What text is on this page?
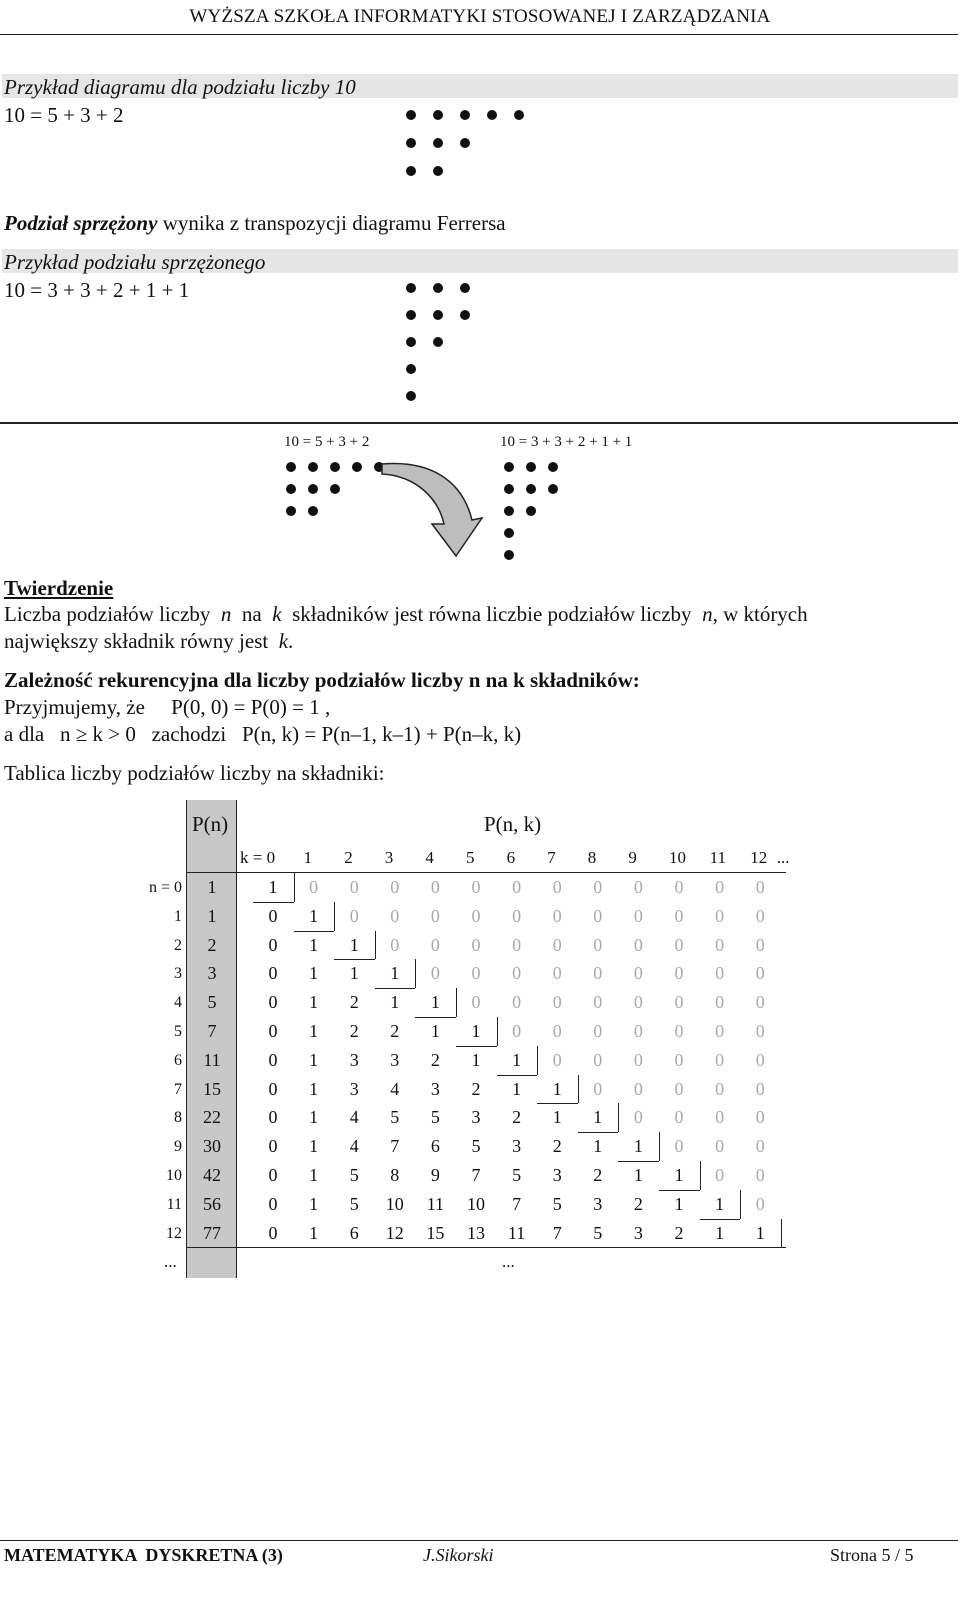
WYŻSZA SZKOŁA INFORMATYKI STOSOWANEJ I ZARZĄDZANIA
Przykład diagramu dla podziału liczby 10
10 = 5 + 3 + 2
Podział sprzężony wynika z transpozycji diagramu Ferrersa
Przykład podziału sprzężonego
10 = 3 + 3 + 2 + 1 + 1
10 = 5 + 3 + 2	10 = 3 + 3 + 2 + 1 + 1
Twierdzenie
Liczba podziałów liczby n na k składników jest równa liczbie podziałów liczby n, w których
największy składnik równy jest k.
Zależność rekurencyjna dla liczby podziałów liczby n na k składników:
Przyjmujemy, że     P(0, 0) = P(0) = 1 ,
a dla   n ≥ k > 0   zachodzi   P(n, k) = P(n–1, k–1) + P(n–k, k)
Tablica liczby podziałów liczby na składniki:
P(n)	P(n, k)
k = 0 1 2 3 4 5 6 7 8 9 10 11 12 ...
n = 0	1	1	0	0	0	0	0	0	0	0	0	0	0	0
1	1	0	1	0	0	0	0	0	0	0	0	0	0	0
2	2	0	1	1	0	0	0	0	0	0	0	0	0	0
3	3	0	1	1	1	0	0	0	0	0	0	0	0	0
4	5	0	1	2	1	1	0	0	0	0	0	0	0	0
5	7	0	1	2	2	1	1	0	0	0	0	0	0	0
6	11	0	1	3	3	2	1	1	0	0	0	0	0	0
7	15	0	1	3	4	3	2	1	1	0	0	0	0	0
8	22	0	1	4	5	5	3	2	1	1	0	0	0	0
9	30	0	1	4	7	6	5	3	2	1	1	0	0	0
10	42	0	1	5	8	9	7	5	3	2	1	1	0	0
11	56	0	1	5	10	11	10	7	5	3	2	1	1	0
12	77	0	1	6	12	15	13	11	7	5	3	2	1	1
...	...
MATEMATYKA  DYSKRETNA (3)	J.Sikorski	Strona 5 / 5
